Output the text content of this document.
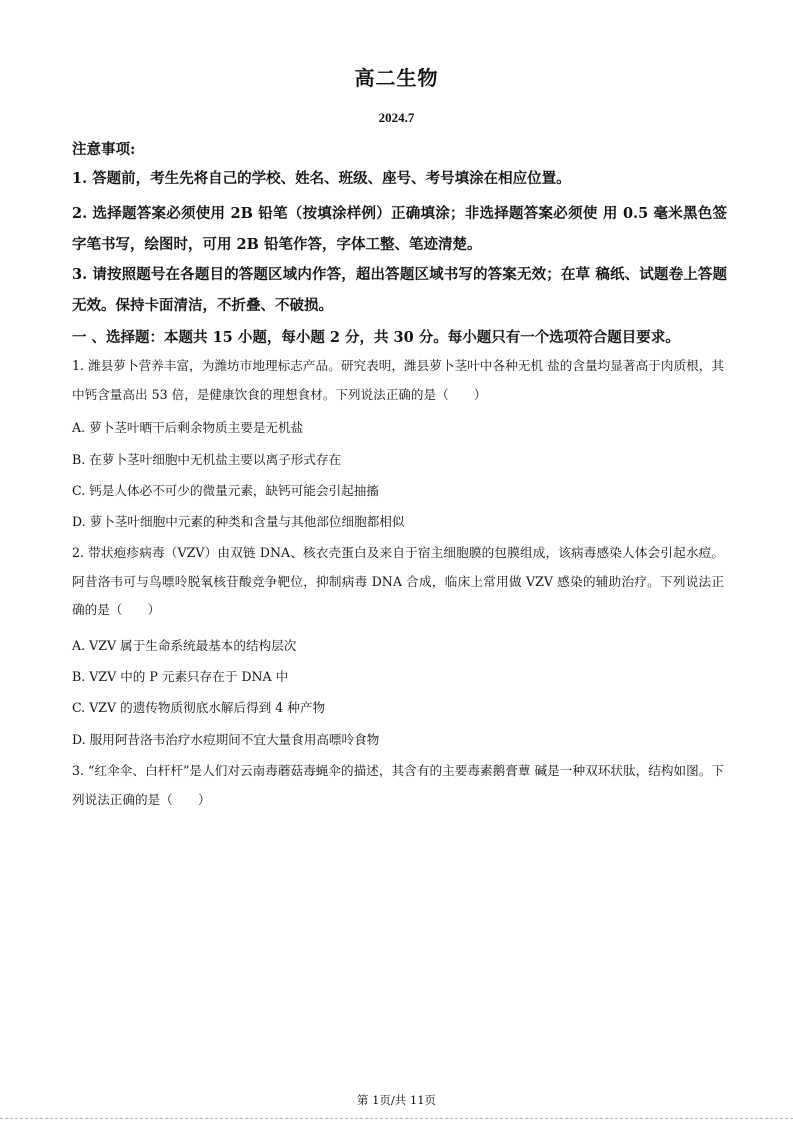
高二生物
2024.7
注意事项:
1. 答题前，考生先将自己的学校、姓名、班级、座号、考号填涂在相应位置。
2. 选择题答案必须使用 2B 铅笔（按填涂样例）正确填涂；非选择题答案必须使 用 0.5 毫米黑色签字笔书写，绘图时，可用 2B 铅笔作答，字体工整、笔迹清楚。
3. 请按照题号在各题目的答题区域内作答，超出答题区域书写的答案无效；在草 稿纸、试题卷上答题无效。保持卡面清洁，不折叠、不破损。
一 、选择题：本题共 15 小题，每小题 2 分，共 30 分。每小题只有一个选项符合题目要求。
1. 潍县萝卜营养丰富，为潍坊市地理标志产品。研究表明，潍县萝卜茎叶中各种无机 盐的含量均显著高于肉质根，其中钙含量高出 53 倍，是健康饮食的理想食材。下列说法正确的是（　　）
A. 萝卜茎叶晒干后剩余物质主要是无机盐
B. 在萝卜茎叶细胞中无机盐主要以离子形式存在
C. 钙是人体必不可少的微量元素，缺钙可能会引起抽搐
D. 萝卜茎叶细胞中元素的种类和含量与其他部位细胞都相似
2. 带状疱疹病毒（VZV）由双链 DNA、核衣壳蛋白及来自于宿主细胞膜的包膜组成，该病毒感染人体会引起水痘。阿昔洛韦可与鸟嘌呤脱氧核苷酸竞争靶位，抑制病毒 DNA 合成，临床上常用做 VZV 感染的辅助治疗。下列说法正确的是（　　）
A. VZV 属于生命系统最基本的结构层次
B. VZV 中的 P 元素只存在于 DNA 中
C. VZV 的遗传物质彻底水解后得到 4 种产物
D. 服用阿昔洛韦治疗水痘期间不宜大量食用高嘌呤食物
3. “红伞伞、白杆杆”是人们对云南毒蘑菇毒蝇伞的描述，其含有的主要毒素鹅膏蕈 碱是一种双环状肽，结构如图。下列说法正确的是（　　）
第 1页/共 11页
